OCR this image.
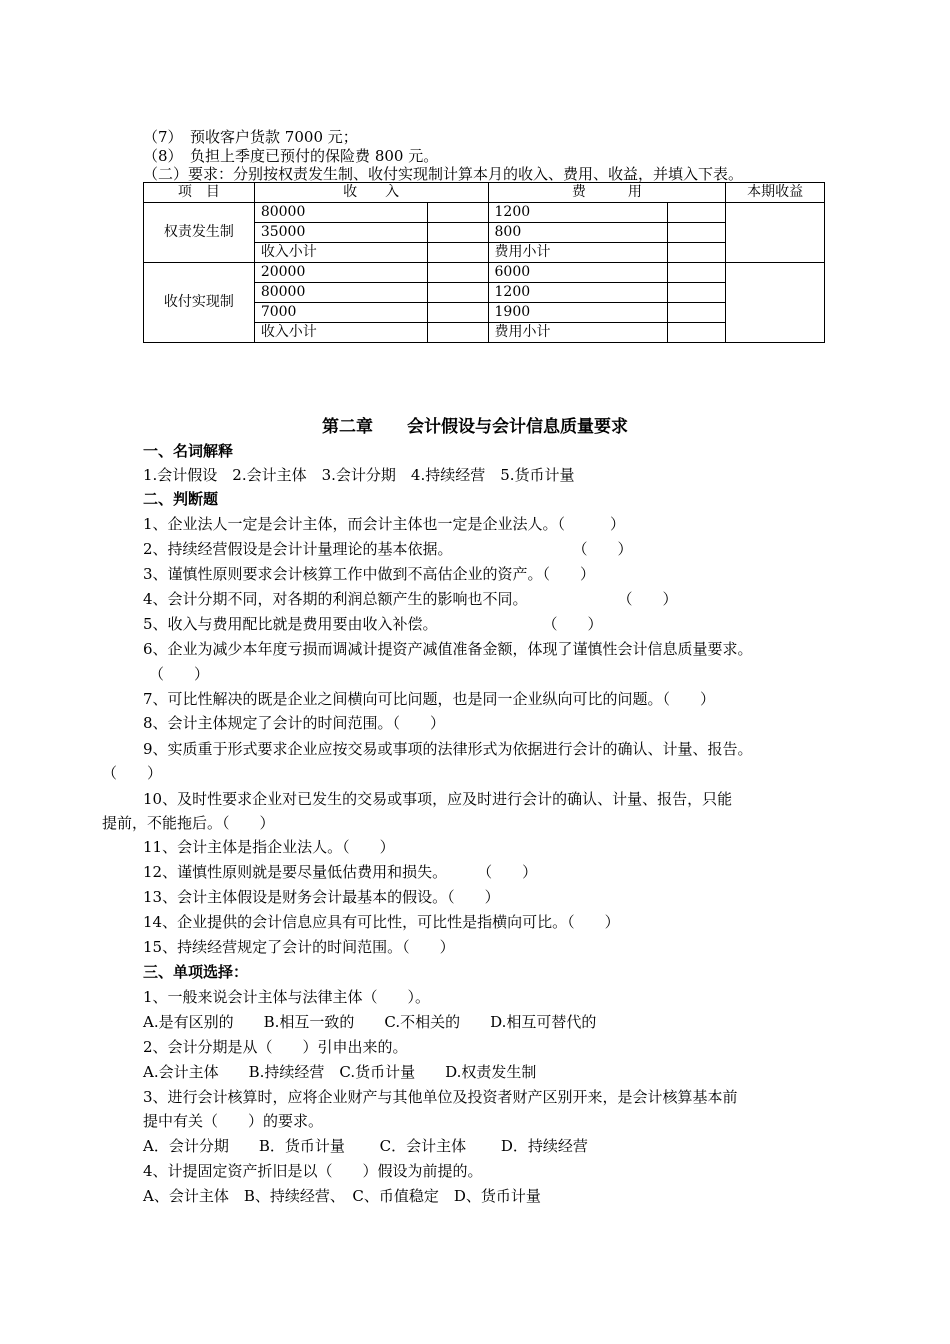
（7）　预收客户货款 7000 元；
（8）　负担上季度已预付的保险费 800 元。
（二）要求：分别按权责发生制、收付实现制计算本月的收入、费用、收益，并填入下表。
项　目	收　　入		费　　　用		本期收益
权责发生制	80000		1200		
	35000		800		
	收入小计		费用小计		
收付实现制	20000		6000		
	80000		1200		
	7000		1900		
	收入小计		费用小计		
第二章　　会计假设与会计信息质量要求
一、名词解释
1.会计假设　2.会计主体　3.会计分期　4.持续经营　5.货币计量
二、判断题
1、企业法人一定是会计主体，而会计主体也一定是企业法人。（　　　）
2、持续经营假设是会计计量理论的基本依据。　　　　　　　　　（　　）
3、谨慎性原则要求会计核算工作中做到不高估企业的资产。（　　）
4、会计分期不同，对各期的利润总额产生的影响也不同。　　　　　　　（　　）
5、收入与费用配比就是费用要由收入补偿。　　　　　　　　（　　）
6、企业为减少本年度亏损而调减计提资产减值准备金额，体现了谨慎性会计信息质量要求。
（　　）
7、可比性解决的既是企业之间横向可比问题，也是同一企业纵向可比的问题。（　　）
8、会计主体规定了会计的时间范围。（　　）
9、实质重于形式要求企业应按交易或事项的法律形式为依据进行会计的确认、计量、报告。
（　　）
10、及时性要求企业对已发生的交易或事项，应及时进行会计的确认、计量、报告，只能
提前，不能拖后。（　　）
11、会计主体是指企业法人。（　　）
12、谨慎性原则就是要尽量低估费用和损失。　　　（　　）
13、会计主体假设是财务会计最基本的假设。（　　）
14、企业提供的会计信息应具有可比性，可比性是指横向可比。（　　）
15、持续经营规定了会计的时间范围。（　　）
三、单项选择：
1、一般来说会计主体与法律主体（　　）。
A.是有区别的　　B.相互一致的　　C.不相关的　　D.相互可替代的
2、会计分期是从（　　）引申出来的。
A.会计主体　　B.持续经营　C.货币计量　　D.权责发生制
3、进行会计核算时，应将企业财产与其他单位及投资者财产区别开来，是会计核算基本前
提中有关（　　）的要求。
A．会计分期　　B．货币计量　　 C．会计主体　　 D．持续经营
4、计提固定资产折旧是以（　　）假设为前提的。
A、会计主体　B、持续经营、　C、币值稳定　D、货币计量
